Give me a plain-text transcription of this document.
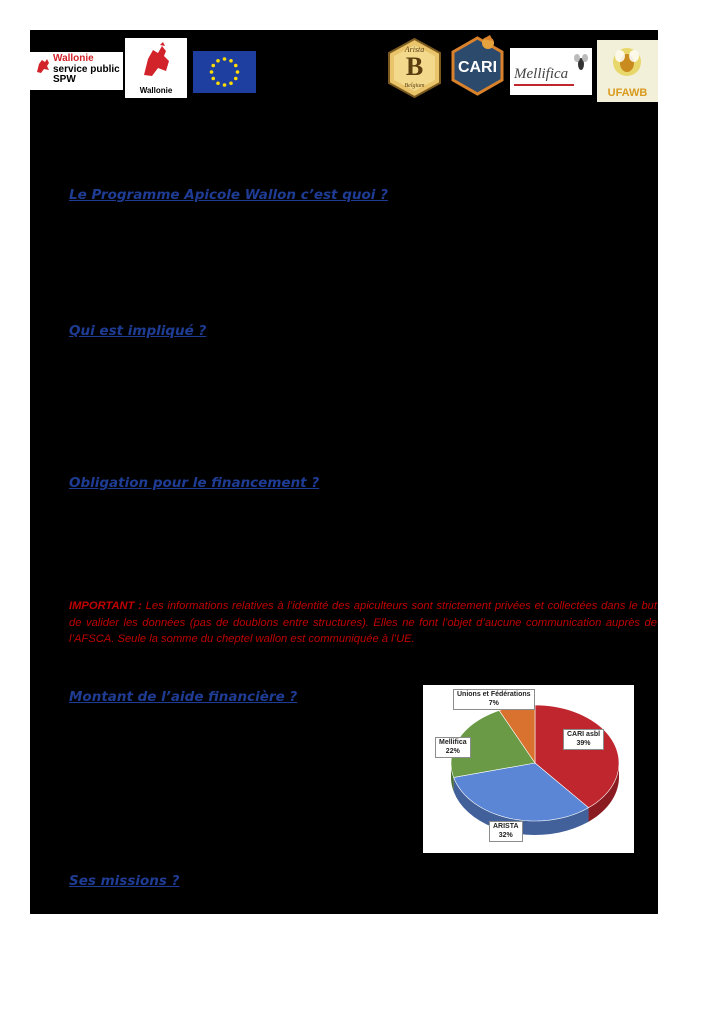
Wallonie
service public
SPW
Wallonie
Arista
B
Belgium
CARI	Mellifica
UFAWB
Le Programme Apicole Wallon c’est quoi ?
Qui est impliqué ?
Obligation pour le financement ?

IMPORTANT : Les informations relatives à l’identité des apiculteurs sont strictement privées et collectées dans le but de valider les données (pas de doublons entre structures). Elles ne font l’objet d’aucune communication auprès de l’AFSCA. Seule la somme du cheptel wallon est communiquée à l’UE.

Montant de l’aide financière ?
Ses missions ?
Unions et Fédérations
7%
CARI asbl
39%
Mellifica
22%
ARISTA
32%
